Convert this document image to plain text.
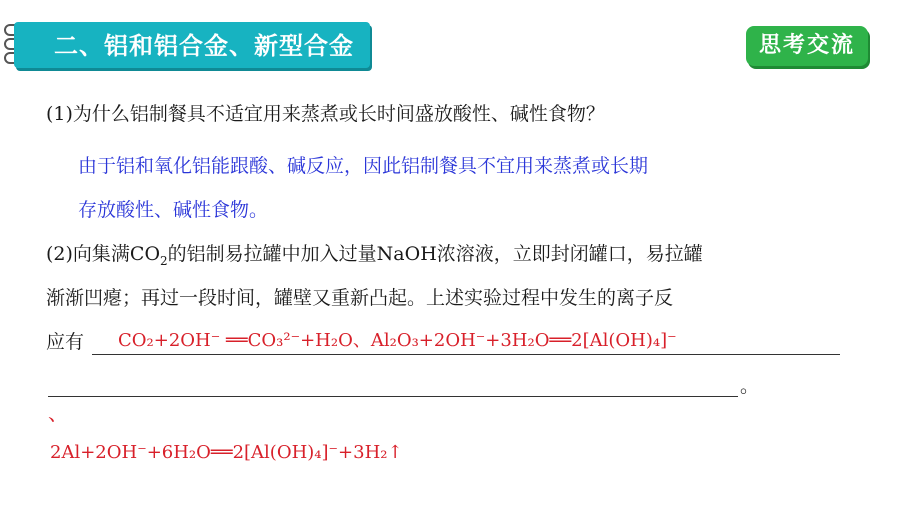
二、铝和铝合金、新型合金	思考交流
(1)为什么铝制餐具不适宜用来蒸煮或长时间盛放酸性、碱性食物？
由于铝和氧化铝能跟酸、碱反应，因此铝制餐具不宜用来蒸煮或长期
存放酸性、碱性食物。
(2)向集满$CO_2$的铝制易拉罐中加入过量NaOH浓溶液，立即封闭罐口，易拉罐
渐渐凹瘪；再过一段时间，罐壁又重新凸起。上述实验过程中发生的离子反
应有 CO₂+2OH⁻ ══CO₃²⁻+H₂O、Al₂O₃+2OH⁻+3H₂O══2[Al(OH)₄]⁻
。
、
2Al+2OH⁻+6H₂O══2[Al(OH)₄]⁻+3H₂↑
